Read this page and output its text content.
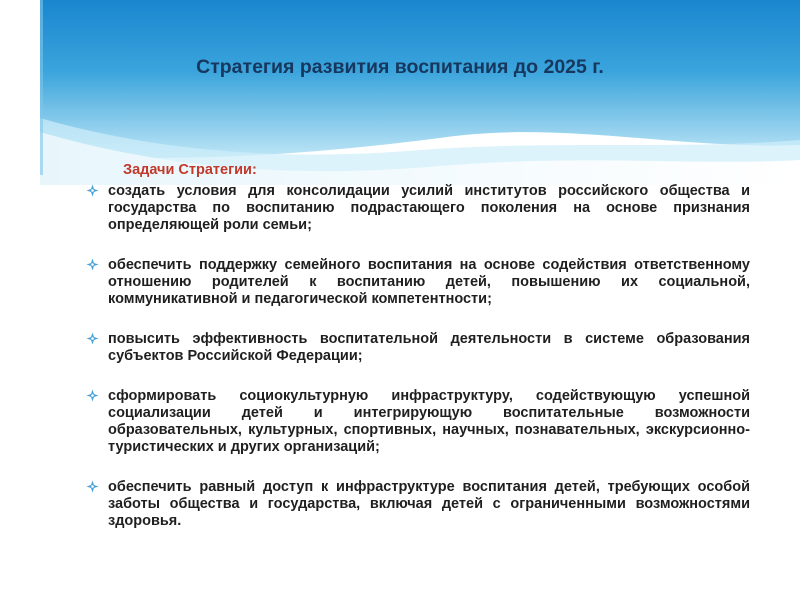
Стратегия развития воспитания до 2025 г.

Задачи Стратегии:

создать условия для консолидации усилий институтов российского общества и государства по воспитанию подрастающего поколения на основе признания определяющей роли семьи;
обеспечить поддержку семейного воспитания на основе содействия ответственному отношению родителей к воспитанию детей, повышению их социальной, коммуникативной и педагогической компетентности;
повысить эффективность воспитательной деятельности в системе образования субъектов Российской Федерации;
сформировать социокультурную инфраструктуру, содействующую успешной социализации детей и интегрирующую воспитательные возможности образовательных, культурных, спортивных, научных, познавательных, экскурсионно-туристических и других организаций;
обеспечить равный доступ к инфраструктуре воспитания детей, требующих особой заботы общества и государства, включая детей с ограниченными возможностями здоровья.
